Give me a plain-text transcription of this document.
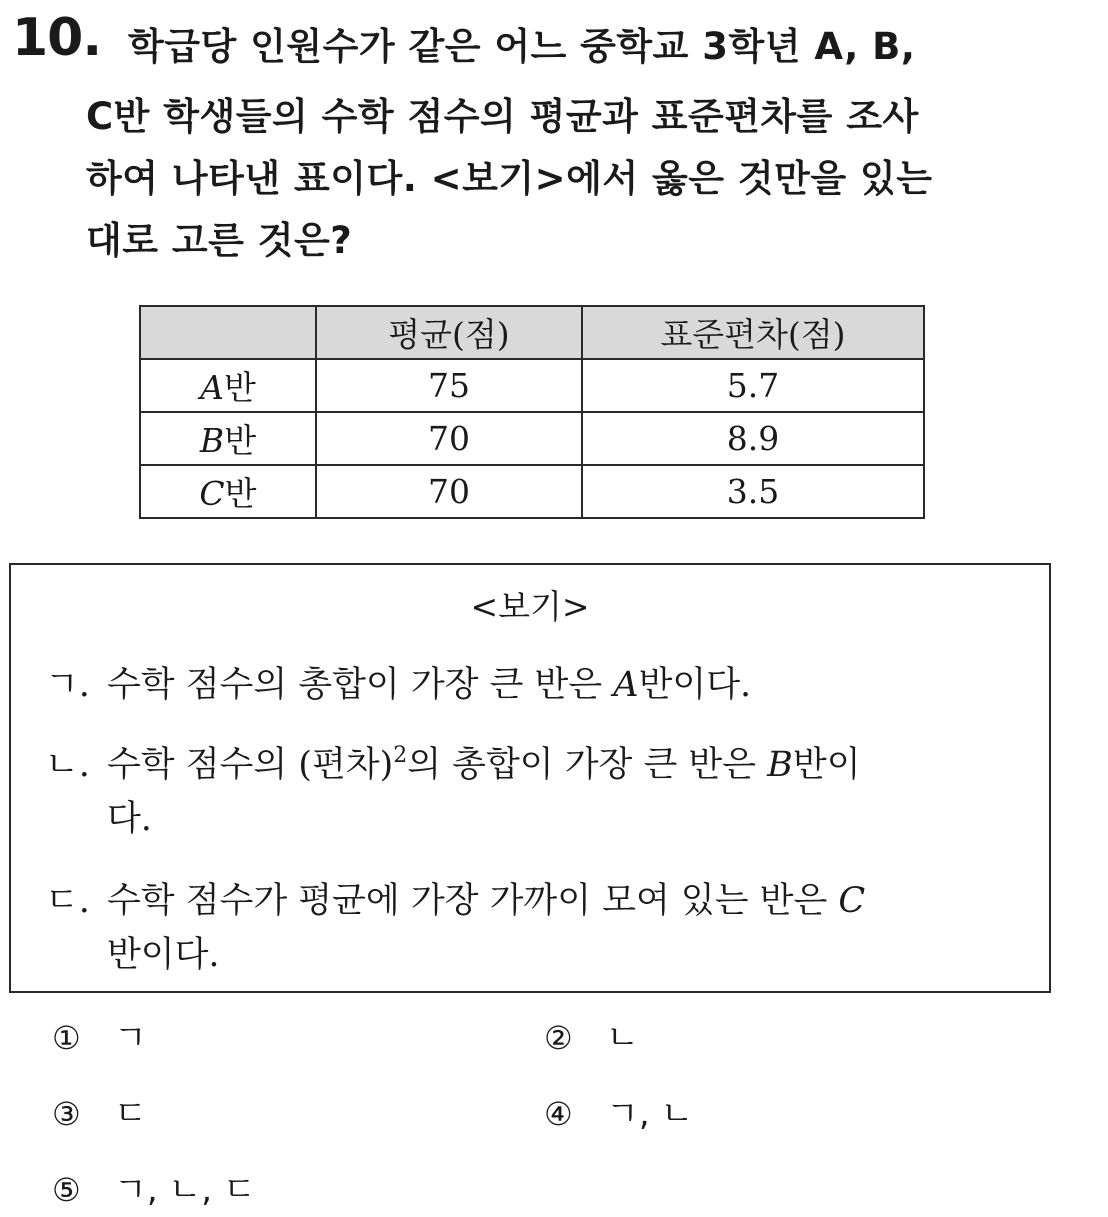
10. 학급당 인원수가 같은 어느 중학교 3학년 A, B,
C반 학생들의 수학 점수의 평균과 표준편차를 조사
하여 나타낸 표이다. <보기>에서 옳은 것만을 있는
대로 고른 것은?
	평균(점)	표준편차(점)
A반	75	5.7
B반	70	8.9
C반	70	3.5
<보기>
ㄱ. 수학 점수의 총합이 가장 큰 반은 A반이다.
ㄴ. 수학 점수의 (편차)$^2$의 총합이 가장 큰 반은 B반이
다.
ㄷ. 수학 점수가 평균에 가장 가까이 모여 있는 반은 C
반이다.
① ㄱ	② ㄴ
③ ㄷ	④ ㄱ, ㄴ
⑤ ㄱ, ㄴ, ㄷ
